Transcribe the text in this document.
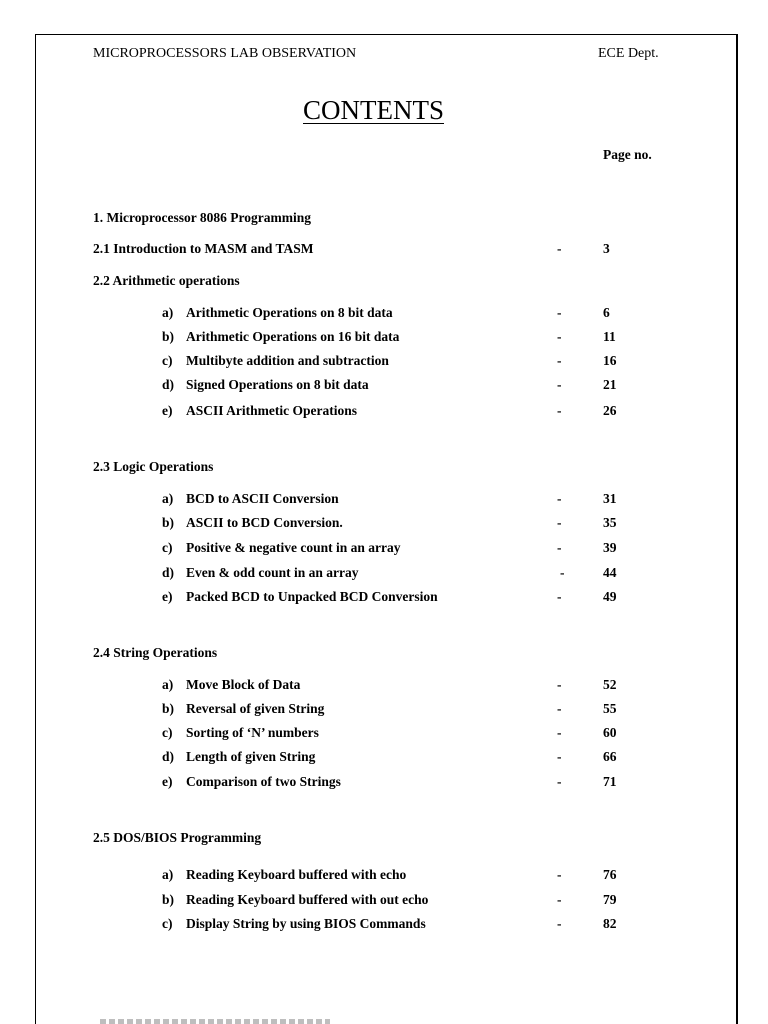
MICROPROCESSORS LAB OBSERVATION	ECE Dept.
CONTENTS
Page no.
1. Microprocessor 8086 Programming
2.1 Introduction to MASM and TASM	-	3
2.2 Arithmetic operations
a) Arithmetic Operations on 8 bit data	-	6
b) Arithmetic Operations on 16 bit data	-	11
c) Multibyte addition and subtraction	-	16
d) Signed Operations on 8 bit data	-	21
e) ASCII Arithmetic Operations	-	26
2.3 Logic Operations
a) BCD to ASCII Conversion	-	31
b) ASCII to BCD Conversion.	-	35
c) Positive & negative count in an array	-	39
d) Even & odd count in an array	-	44
e) Packed BCD to Unpacked BCD Conversion	-	49
2.4 String Operations
a) Move Block of Data	-	52
b) Reversal of given String	-	55
c) Sorting of ‘N’ numbers	-	60
d) Length of given String	-	66
e) Comparison of two Strings	-	71
2.5 DOS/BIOS Programming
a) Reading Keyboard buffered with echo	-	76
b) Reading Keyboard buffered with out echo	-	79
c) Display String by using BIOS Commands	-	82
